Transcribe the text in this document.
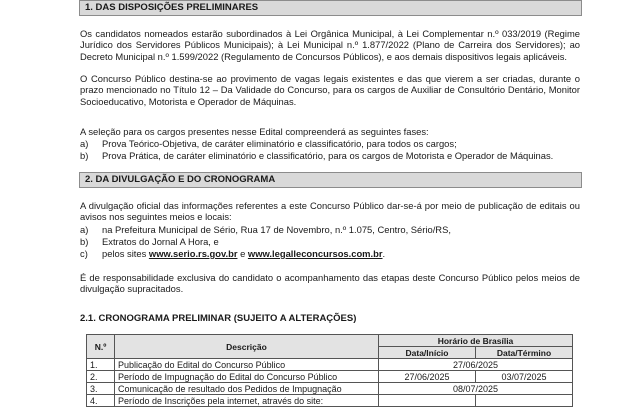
1. DAS DISPOSIÇÕES PRELIMINARES

Os candidatos nomeados estarão subordinados à Lei Orgânica Municipal, à Lei Complementar n.º 033/2019 (Regime Jurídico dos Servidores Públicos Municipais); à Lei Municipal n.º 1.877/2022 (Plano de Carreira dos Servidores); ao Decreto Municipal n.º 1.599/2022 (Regulamento de Concursos Públicos), e aos demais dispositivos legais aplicáveis.

O Concurso Público destina-se ao provimento de vagas legais existentes e das que vierem a ser criadas, durante o prazo mencionado no Título 12 – Da Validade do Concurso, para os cargos de Auxiliar de Consultório Dentário, Monitor Socioeducativo, Motorista e Operador de Máquinas.

A seleção para os cargos presentes nesse Edital compreenderá as seguintes fases:

a) Prova Teórico-Objetiva, de caráter eliminatório e classificatório, para todos os cargos;
b) Prova Prática, de caráter eliminatório e classificatório, para os cargos de Motorista e Operador de Máquinas.
2. DA DIVULGAÇÃO E DO CRONOGRAMA

A divulgação oficial das informações referentes a este Concurso Público dar-se-á por meio de publicação de editais ou avisos nos seguintes meios e locais:

a) na Prefeitura Municipal de Sério, Rua 17 de Novembro, n.º 1.075, Centro, Sério/RS,
b) Extratos do Jornal A Hora, e
c) pelos sites www.serio.rs.gov.br e www.legalleconcursos.com.br.

É de responsabilidade exclusiva do candidato o acompanhamento das etapas deste Concurso Público pelos meios de divulgação supracitados.

2.1. CRONOGRAMA PRELIMINAR (SUJEITO A ALTERAÇÕES)
N.º	Descrição	Horário de Brasília	
		Data/Início	Data/Término
1.	Publicação do Edital do Concurso Público	27/06/2025	
2.	Período de Impugnação do Edital do Concurso Público	27/06/2025	03/07/2025
3.	Comunicação de resultado dos Pedidos de Impugnação	08/07/2025	
4.	Período de Inscrições pela internet, através do site:		
